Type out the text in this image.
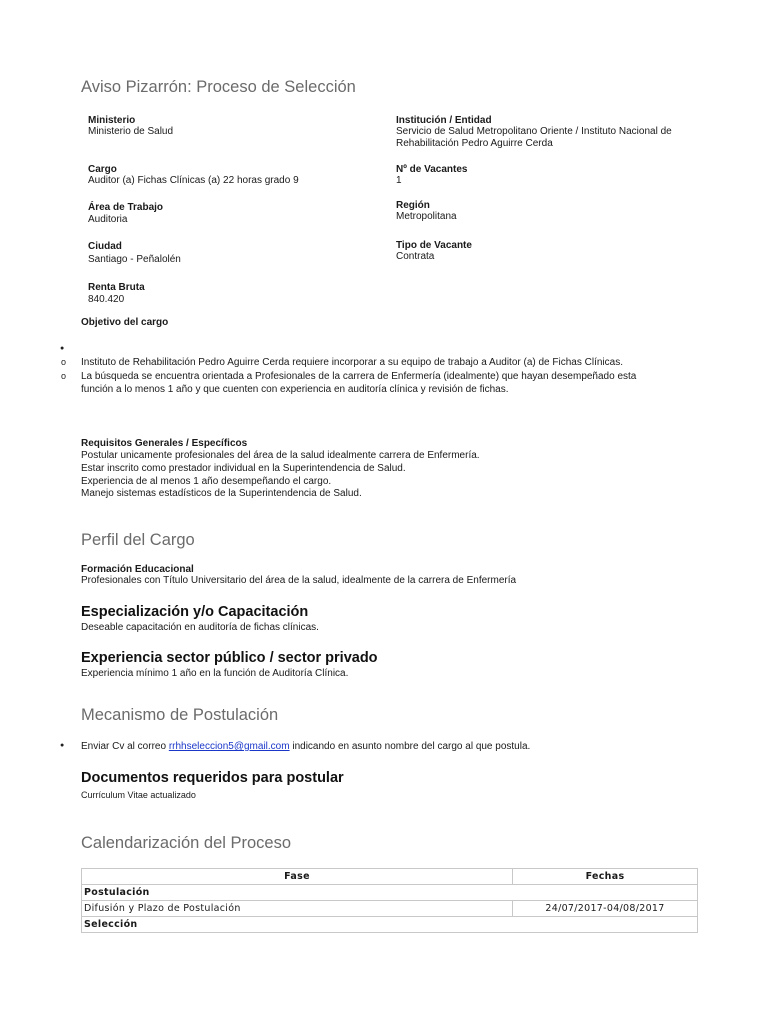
Aviso Pizarrón: Proceso de Selección
Ministerio
Ministerio de Salud
Cargo
Auditor (a) Fichas Clínicas (a) 22 horas grado 9
Área de Trabajo
Auditoria
Ciudad
Santiago - Peñalolén
Renta Bruta
840.420
Institución / Entidad
Servicio de Salud Metropolitano Oriente / Instituto Nacional de Rehabilitación Pedro Aguirre Cerda
Nº de Vacantes
1
Región
Metropolitana
Tipo de Vacante
Contrata
Objetivo del cargo
●
o
o
Instituto de Rehabilitación Pedro Aguirre Cerda requiere incorporar a su equipo de trabajo a Auditor (a) de Fichas Clínicas.
La búsqueda se encuentra orientada a Profesionales de la carrera de Enfermería (idealmente) que hayan desempeñado esta
función a lo menos 1 año y que cuenten con experiencia en auditoría clínica y revisión de fichas.
Requisitos Generales / Específicos
Postular unicamente profesionales del área de la salud idealmente carrera de Enfermería.
Estar inscrito como prestador individual en la Superintendencia de Salud.
Experiencia de al menos 1 año desempeñando el cargo.
Manejo sistemas estadísticos de la Superintendencia de Salud.
Perfil del Cargo
Formación Educacional
Profesionales con Título Universitario del área de la salud, idealmente de la carrera de Enfermería
Especialización y/o Capacitación
Deseable capacitación en auditoría de fichas clínicas.
Experiencia sector público / sector privado
Experiencia mínimo 1 año en la función de Auditoría Clínica.
Mecanismo de Postulación
● Enviar Cv al correo rrhhseleccion5@gmail.com indicando en asunto nombre del cargo al que postula.
Documentos requeridos para postular
Currículum Vitae actualizado
Calendarización del Proceso
Fase	Fechas
Postulación	
Difusión y Plazo de Postulación	24/07/2017-04/08/2017
Selección	
